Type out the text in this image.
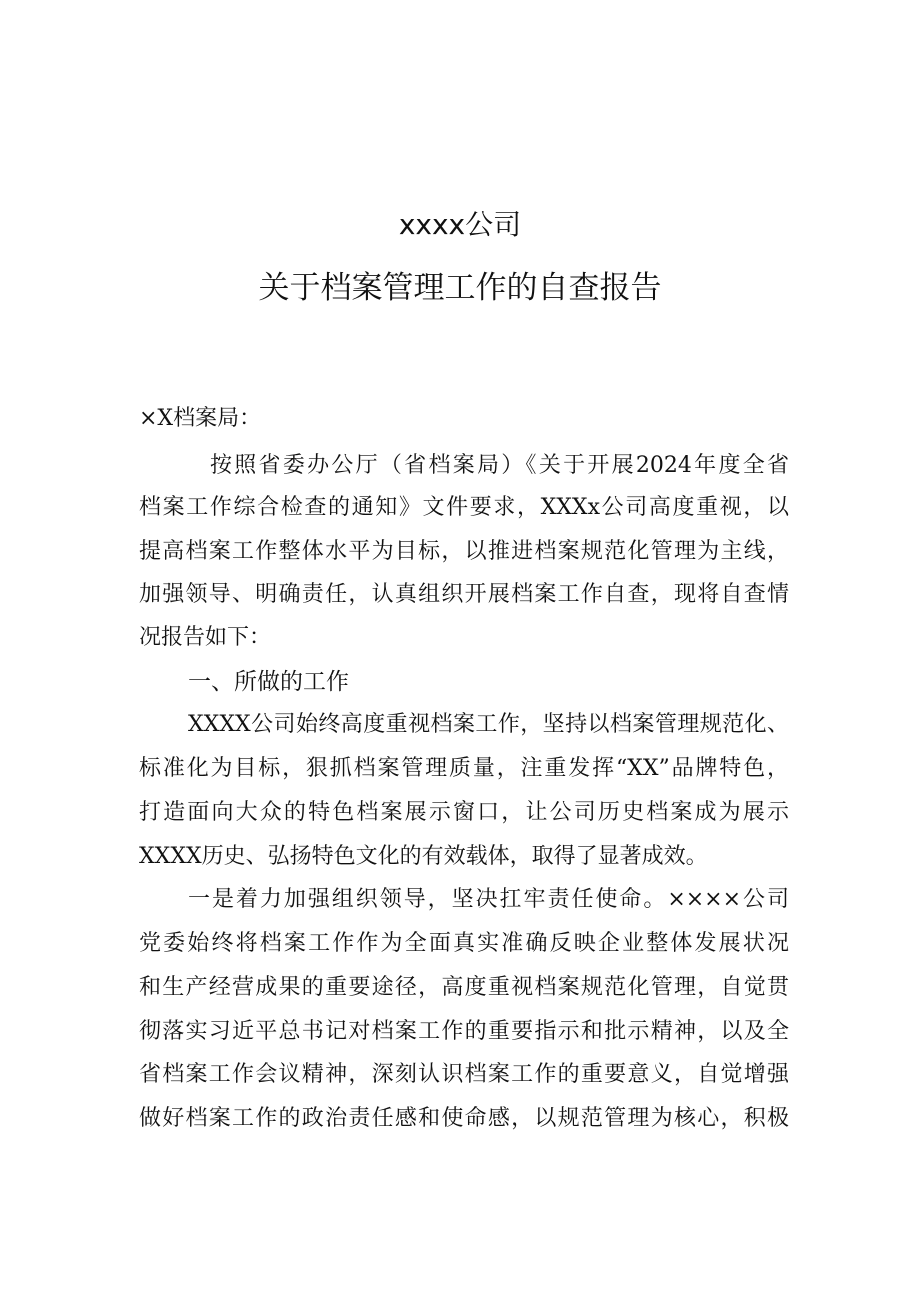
xxxx公司
关于档案管理工作的自查报告
×X档案局：
按照省委办公厅（省档案局）《关于开展2024年度全省
档案工作综合检查的通知》文件要求，XXXx公司高度重视，以
提高档案工作整体水平为目标，以推进档案规范化管理为主线，
加强领导、明确责任，认真组织开展档案工作自查，现将自查情
况报告如下：
一、所做的工作
XXXX公司始终高度重视档案工作，坚持以档案管理规范化、
标准化为目标，狠抓档案管理质量，注重发挥“XX”品牌特色，
打造面向大众的特色档案展示窗口，让公司历史档案成为展示
XXXX历史、弘扬特色文化的有效载体，取得了显著成效。
一是着力加强组织领导，坚决扛牢责任使命。××××公司
党委始终将档案工作作为全面真实准确反映企业整体发展状况
和生产经营成果的重要途径，高度重视档案规范化管理，自觉贯
彻落实习近平总书记对档案工作的重要指示和批示精神，以及全
省档案工作会议精神，深刻认识档案工作的重要意义，自觉增强
做好档案工作的政治责任感和使命感，以规范管理为核心，积极
